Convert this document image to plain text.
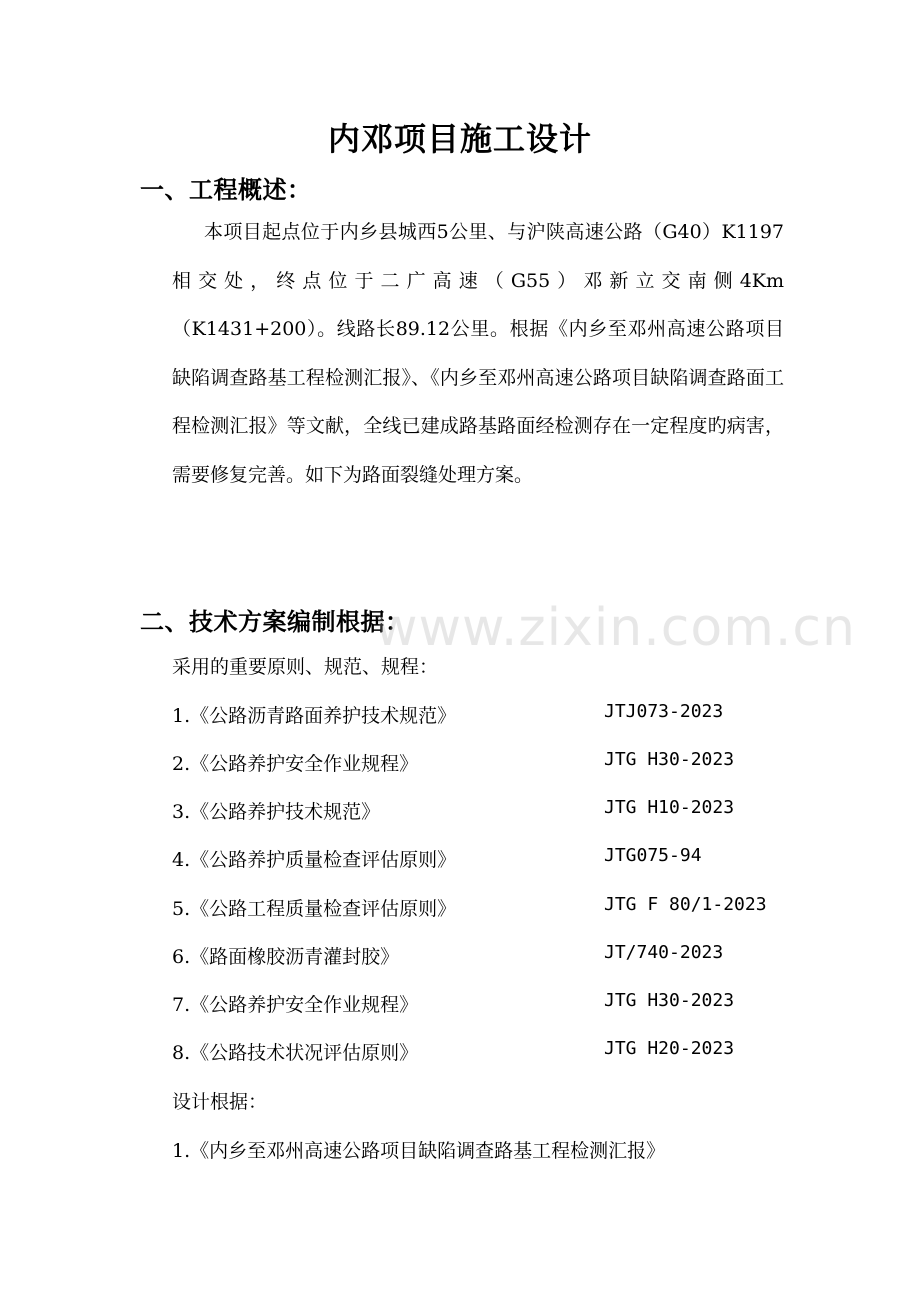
内邓项目施工设计
一、工程概述：

本项目起点位于内乡县城西5公里、与沪陕高速公路（G40）K1197相交处，终点位于二广高速（G55）邓新立交南侧4Km（K1431+200）。线路长89.12公里。根据《内乡至邓州高速公路项目缺陷调查路基工程检测汇报》、《内乡至邓州高速公路项目缺陷调查路面工程检测汇报》等文献，全线已建成路基路面经检测存在一定程度旳病害，需要修复完善。如下为路面裂缝处理方案。

二、技术方案编制根据：
采用的重要原则、规范、规程：
1.《公路沥青路面养护技术规范》	JTJ073-2023
2.《公路养护安全作业规程》	JTG H30-2023
3.《公路养护技术规范》	JTG H10-2023
4.《公路养护质量检查评估原则》	JTG075-94
5.《公路工程质量检查评估原则》	JTG F 80/1-2023
6.《路面橡胶沥青灌封胶》	JT/740-2023
7.《公路养护安全作业规程》	JTG H30-2023
8.《公路技术状况评估原则》	JTG H20-2023
设计根据：
1.《内乡至邓州高速公路项目缺陷调查路基工程检测汇报》
www.zixin.com.cn
